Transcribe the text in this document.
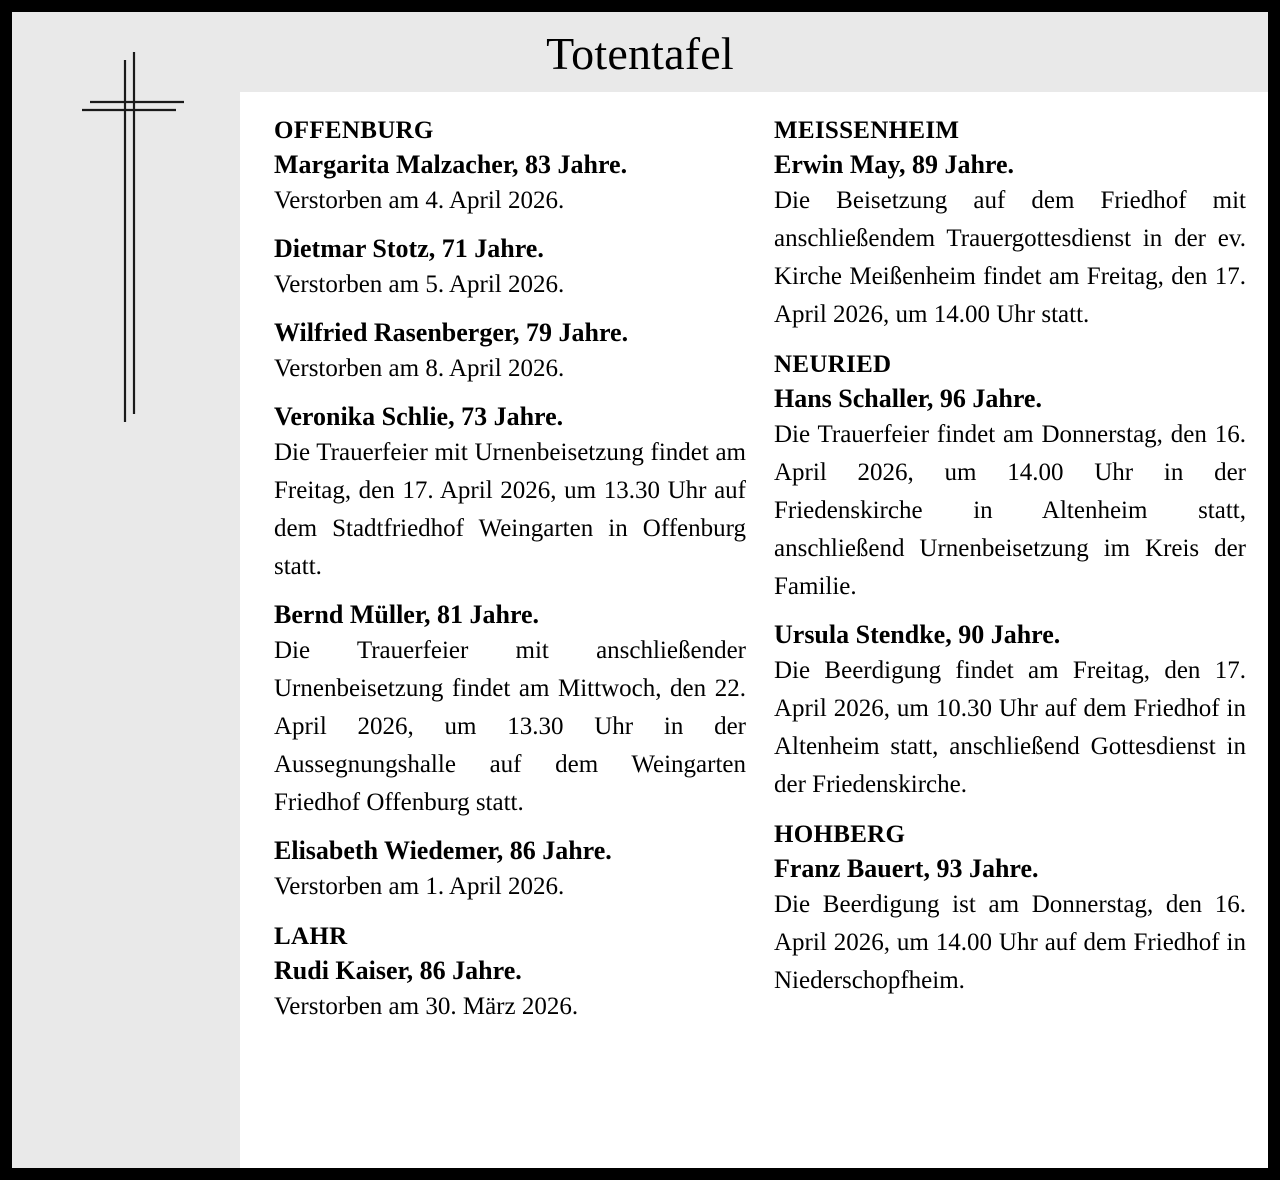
Totentafel
OFFENBURG
Margarita Malzacher, 83 Jahre.
Verstorben am 4. April 2026.
Dietmar Stotz, 71 Jahre.
Verstorben am 5. April 2026.
Wilfried Rasenberger, 79 Jahre.
Verstorben am 8. April 2026.
Veronika Schlie, 73 Jahre.
Die Trauerfeier mit Urnenbeisetzung findet am Freitag, den 17. April 2026, um 13.30 Uhr auf dem Stadtfriedhof Weingarten in Offenburg statt.
Bernd Müller, 81 Jahre.
Die Trauerfeier mit anschließender Urnenbeisetzung findet am Mittwoch, den 22. April 2026, um 13.30 Uhr in der Aussegnungshalle auf dem Weingarten Friedhof Offenburg statt.
Elisabeth Wiedemer, 86 Jahre.
Verstorben am 1. April 2026.
LAHR
Rudi Kaiser, 86 Jahre.
Verstorben am 30. März 2026.
MEISSENHEIM
Erwin May, 89 Jahre.
Die Beisetzung auf dem Friedhof mit anschließendem Trauergottesdienst in der ev. Kirche Meißenheim findet am Freitag, den 17. April 2026, um 14.00 Uhr statt.
NEURIED
Hans Schaller, 96 Jahre.
Die Trauerfeier findet am Donnerstag, den 16. April 2026, um 14.00 Uhr in der Friedenskirche in Altenheim statt, anschließend Urnenbeisetzung im Kreis der Familie.
Ursula Stendke, 90 Jahre.
Die Beerdigung findet am Freitag, den 17. April 2026, um 10.30 Uhr auf dem Friedhof in Altenheim statt, anschließend Gottesdienst in der Friedenskirche.
HOHBERG
Franz Bauert, 93 Jahre.
Die Beerdigung ist am Donnerstag, den 16. April 2026, um 14.00 Uhr auf dem Friedhof in Niederschopfheim.
